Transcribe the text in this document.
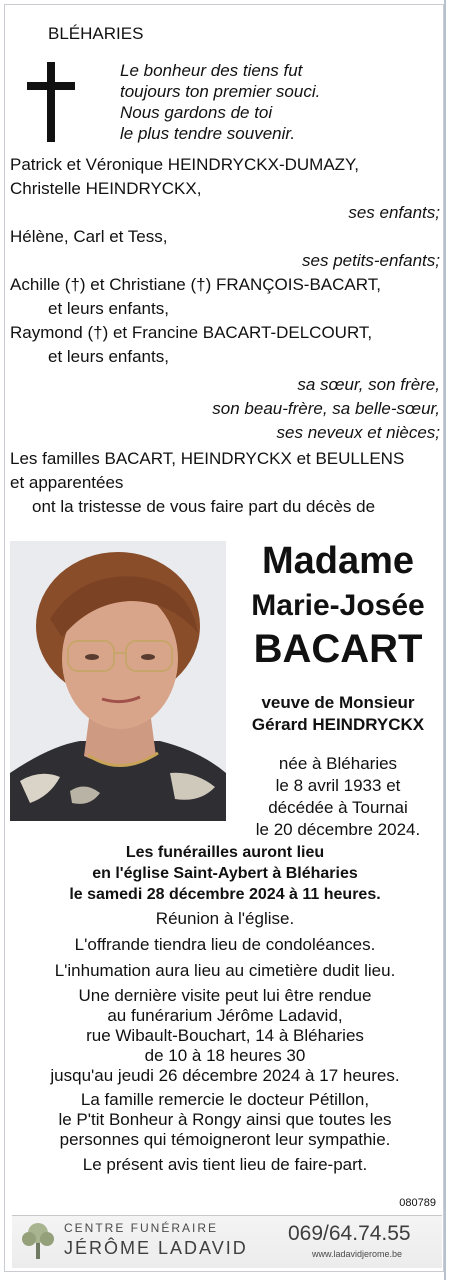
BLÉHARIES
Le bonheur des tiens fut
toujours ton premier souci.
Nous gardons de toi
le plus tendre souvenir.
Patrick et Véronique HEINDRYCKX-DUMAZY,
Christelle HEINDRYCKX,
ses enfants;
Hélène, Carl et Tess,
ses petits-enfants;
Achille (†) et Christiane (†) FRANÇOIS-BACART,
et leurs enfants,
Raymond (†) et Francine BACART-DELCOURT,
et leurs enfants,
sa sœur, son frère,
son beau-frère, sa belle-sœur,
ses neveux et nièces;
Les familles BACART, HEINDRYCKX et BEULLENS
et apparentées
ont la tristesse de vous faire part du décès de
Madame
Marie-Josée
BACART
veuve de Monsieur
Gérard HEINDRYCKX
née à Bléharies
le 8 avril 1933 et
décédée à Tournai
le 20 décembre 2024.
Les funérailles auront lieu
en l'église Saint-Aybert à Bléharies
le samedi 28 décembre 2024 à 11 heures.
Réunion à l'église.
L'offrande tiendra lieu de condoléances.
L'inhumation aura lieu au cimetière dudit lieu.
Une dernière visite peut lui être rendue
au funérarium Jérôme Ladavid,
rue Wibault-Bouchart, 14 à Bléharies
de 10 à 18 heures 30
jusqu'au jeudi 26 décembre 2024 à 17 heures.
La famille remercie le docteur Pétillon,
le P'tit Bonheur à Rongy ainsi que toutes les
personnes qui témoigneront leur sympathie.
Le présent avis tient lieu de faire-part.
080789
CENTRE FUNÉRAIRE
JÉRÔME LADAVID
069/64.74.55
www.ladavidjerome.be
